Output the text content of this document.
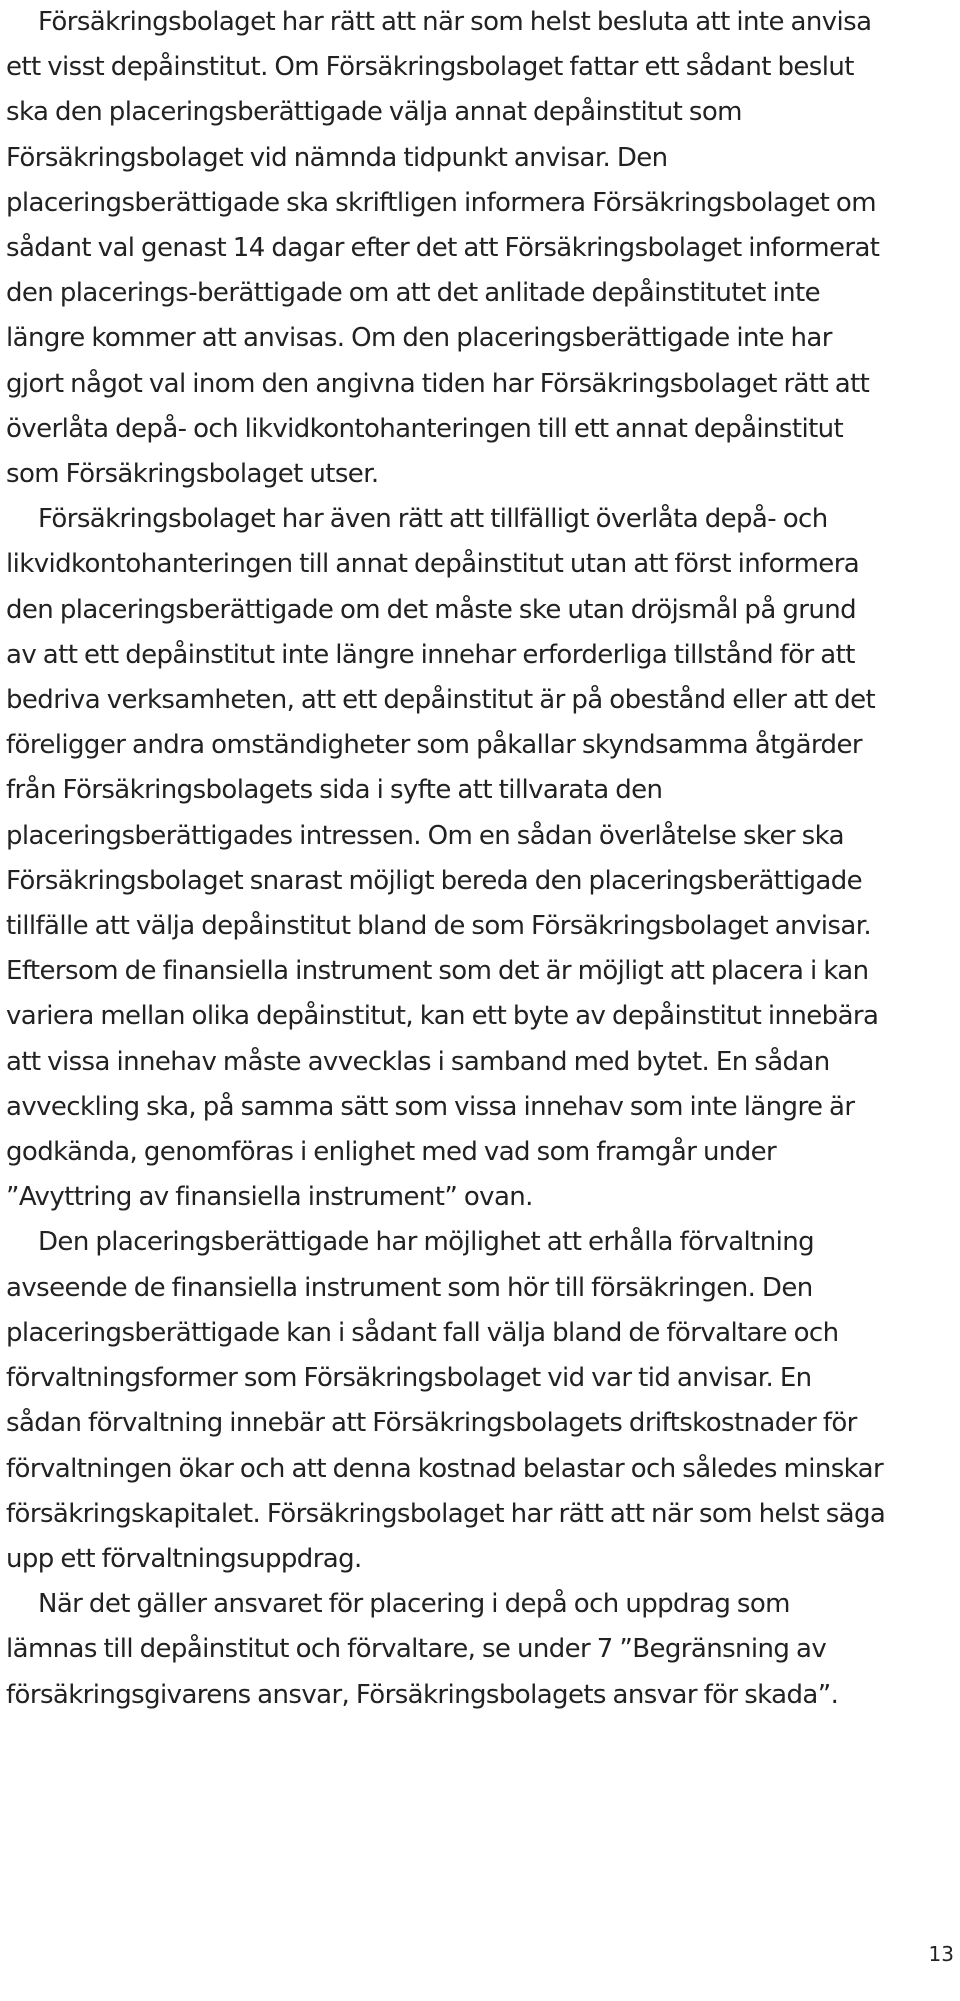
Försäkringsbolaget har rätt att när som helst besluta att inte anvisa ett visst depåinstitut. Om Försäkringsbolaget fattar ett sådant beslut ska den placeringsberättigade välja annat depåinstitut som Försäkringsbolaget vid nämnda tidpunkt anvisar. Den placeringsberättigade ska skriftligen informera Försäkringsbolaget om sådant val genast 14 dagar efter det att Försäkringsbolaget informerat den placerings-berättigade om att det anlitade depåinstitutet inte längre kommer att anvisas. Om den placeringsberättigade inte har gjort något val inom den angivna tiden har Försäkringsbolaget rätt att överlåta depå- och likvidkontohanteringen till ett annat depåinstitut som Försäkringsbolaget utser.

Försäkringsbolaget har även rätt att tillfälligt överlåta depå- och likvidkontohanteringen till annat depåinstitut utan att först informera den placeringsberättigade om det måste ske utan dröjsmål på grund av att ett depåinstitut inte längre innehar erforderliga tillstånd för att bedriva verksamheten, att ett depåinstitut är på obestånd eller att det föreligger andra omständigheter som påkallar skyndsamma åtgärder från Försäkringsbolagets sida i syfte att tillvarata den placeringsberättigades intressen. Om en sådan överlåtelse sker ska Försäkringsbolaget snarast möjligt bereda den placeringsberättigade tillfälle att välja depåinstitut bland de som Försäkringsbolaget anvisar. Eftersom de finansiella instrument som det är möjligt att placera i kan variera mellan olika depåinstitut, kan ett byte av depåinstitut innebära att vissa innehav måste avvecklas i samband med bytet. En sådan avveckling ska, på samma sätt som vissa innehav som inte längre är godkända, genomföras i enlighet med vad som framgår under ”Avyttring av finansiella instrument” ovan.

Den placeringsberättigade har möjlighet att erhålla förvaltning avseende de finansiella instrument som hör till försäkringen. Den placeringsberättigade kan i sådant fall välja bland de förvaltare och förvaltningsformer som Försäkringsbolaget vid var tid anvisar. En sådan förvaltning innebär att Försäkringsbolagets driftskostnader för förvaltningen ökar och att denna kostnad belastar och således minskar försäkringskapitalet. Försäkringsbolaget har rätt att när som helst säga upp ett förvaltningsuppdrag.

När det gäller ansvaret för placering i depå och uppdrag som lämnas till depåinstitut och förvaltare, se under 7 ”Begränsning av försäkringsgivarens ansvar, Försäkringsbolagets ansvar för skada”.

13
